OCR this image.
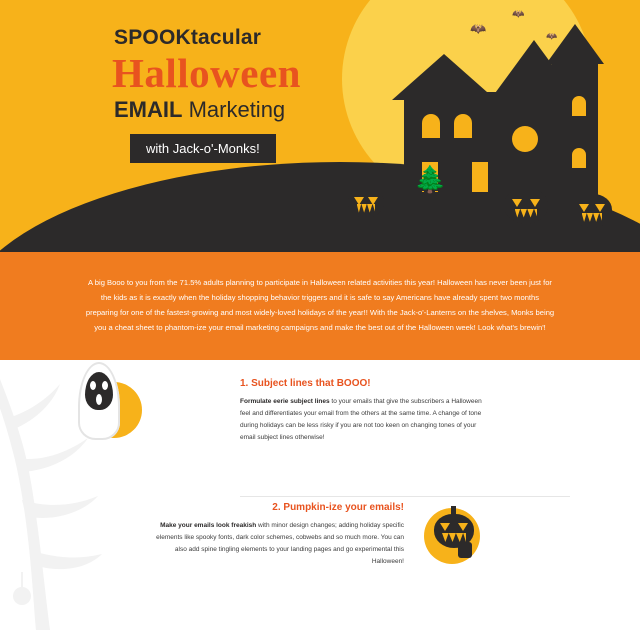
🦇
🦇
🦇
🌲
SPOOKtacular
Halloween
EMAIL Marketing
with Jack-o'-Monks!

A big Booo to you from the 71.5% adults planning to participate in Halloween related activities this year! Halloween has never been just for the kids as it is exactly when the holiday shopping behavior triggers and it is safe to say Americans have already spent two months preparing for one of the fastest-growing and most widely-loved holidays of the year!! With the Jack-o'-Lanterns on the shelves, Monks being you a cheat sheet to phantom-ize your email marketing campaigns and make the best out of the Halloween week! Look what's brewin'!

1. Subject lines that BOOO!

Formulate eerie subject lines to your emails that give the subscribers a Halloween feel and differentiates your email from the others at the same time. A change of tone during holidays can be less risky if you are not too keen on changing tones of your email subject lines otherwise!

2. Pumpkin-ize your emails!

Make your emails look freakish with minor design changes; adding holiday specific elements like spooky fonts, dark color schemes, cobwebs and so much more. You can also add spine tingling elements to your landing pages and go experimental this Halloween!
